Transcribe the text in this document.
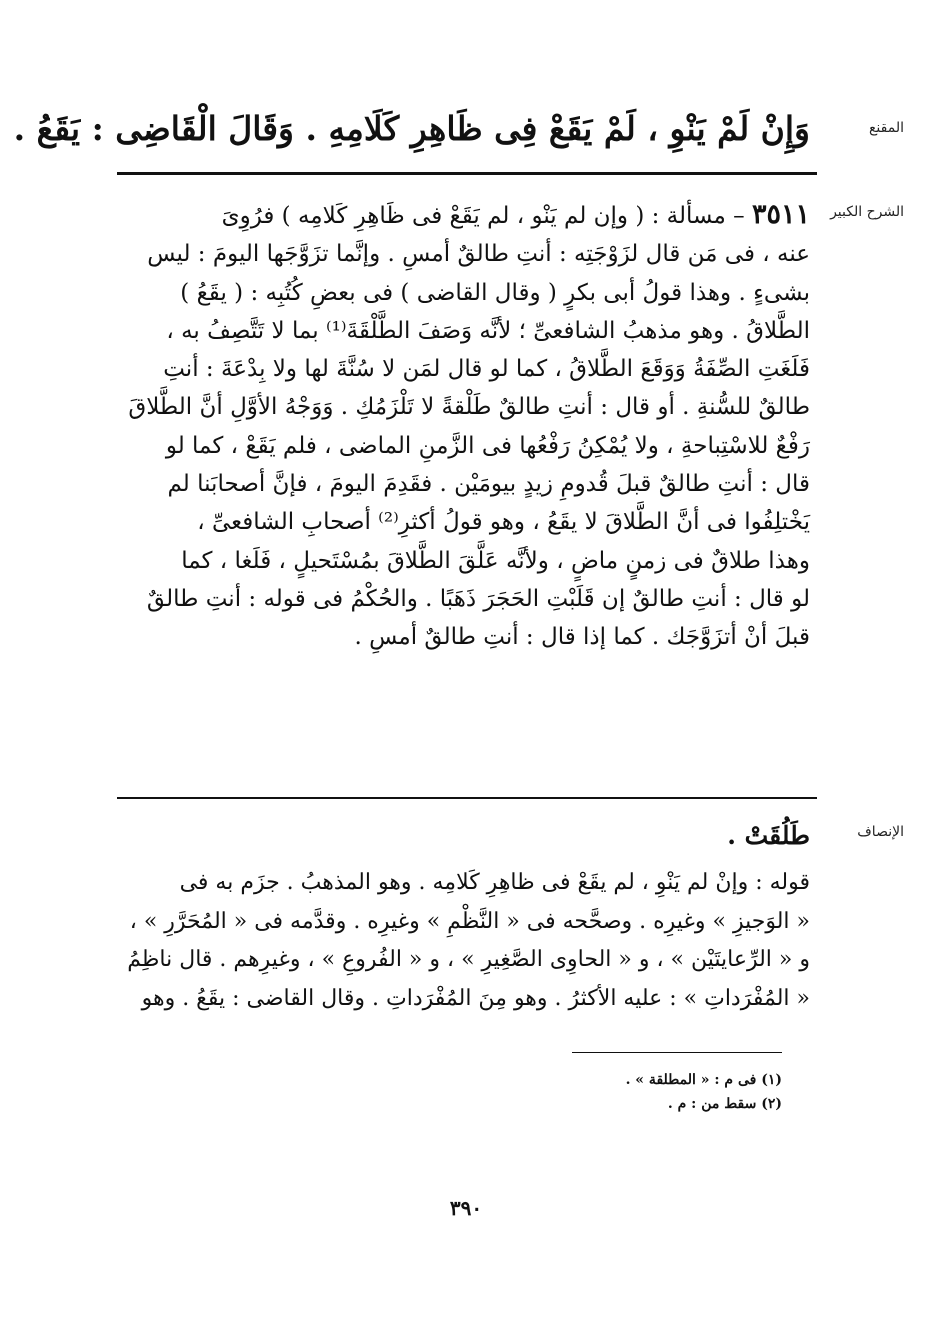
المقنع
وَإِنْ لَمْ يَنْوِ ، لَمْ يَقَعْ فِى ظَاهِرِ كَلَامِهِ . وَقَالَ الْقَاضِى : يَقَعُ .
الشرح الكبير
٣٥١١ – مسألة : ( وإن لم يَنْو ، لم يَقَعْ فى ظَاهِرِ كَلامِه ) فرُوِىَ
عنه ، فى مَن قال لزَوْجَتِه : أنتِ طالقٌ أمسِ . وإنَّما تزَوَّجَها اليومَ : ليس
بشىءٍ . وهذا قولُ أبى بكرٍ ( وقال القاضى ) فى بعضِ كُتُبِه : ( يقَعُ )
الطَّلاقُ . وهو مذهبُ الشافعىِّ ؛ لأنَّه وَصَفَ الطَّلْقَةَ⁽¹⁾ بما لا تَتَّصِفُ به ،
فَلَغَتِ الصِّفَةُ وَوَقَعَ الطَّلاقُ ، كما لو قال لمَن لا سُنَّةَ لها ولا بِدْعَةَ : أنتِ
طالقٌ للسُّنةِ . أو قال : أنتِ طالقٌ طَلْقةً لا تَلْزَمُكِ . وَوَجْهُ الأوَّلِ أنَّ الطَّلاقَ
رَفْعٌ للاسْتِباحةِ ، ولا يُمْكِنُ رَفْعُها فى الزَّمنِ الماضى ، فلم يَقَعْ ، كما لو
قال : أنتِ طالقٌ قبلَ قُدومِ زيدٍ بيومَيْن . فقَدِمَ اليومَ ، فإنَّ أصحابَنا لم
يَخْتلِفُوا فى أنَّ الطَّلاقَ لا يقَعُ ، وهو قولُ أكثرِ⁽²⁾ أصحابِ الشافعىِّ ،
وهذا طلاقٌ فى زمنٍ ماضٍ ، ولأنَّه عَلَّقَ الطَّلاقَ بمُسْتَحيلٍ ، فَلَغا ، كما
لو قال : أنتِ طالقٌ إن قَلَبْتِ الحَجَرَ ذَهَبًا . والحُكْمُ فى قوله : أنتِ طالقٌ
قبلَ أنْ أتزَوَّجَك . كما إذا قال : أنتِ طالقٌ أمسِ .
الإنصاف
طَلُقَتْ .
قوله : وإنْ لم يَنْوِ ، لم يقَعْ فى ظاهِرِ كَلامِه . وهو المذهبُ . جزَم به فى
« الوَجيزِ » وغيرِه . وصحَّحه فى « النَّظْمِ » وغيرِه . وقدَّمه فى « المُحَرَّرِ » ،
و « الرِّعايتَيْن » ، و « الحاوِى الصَّغِيرِ » ، و « الفُروعِ » ، وغيرِهم . قال ناظِمُ
« المُفْرَداتِ » : عليه الأكثرُ . وهو مِنَ المُفْرَداتِ . وقال القاضى : يقَعُ . وهو
(١) فى م : « المطلقة » .
(٢) سقط من : م .
٣٩٠
